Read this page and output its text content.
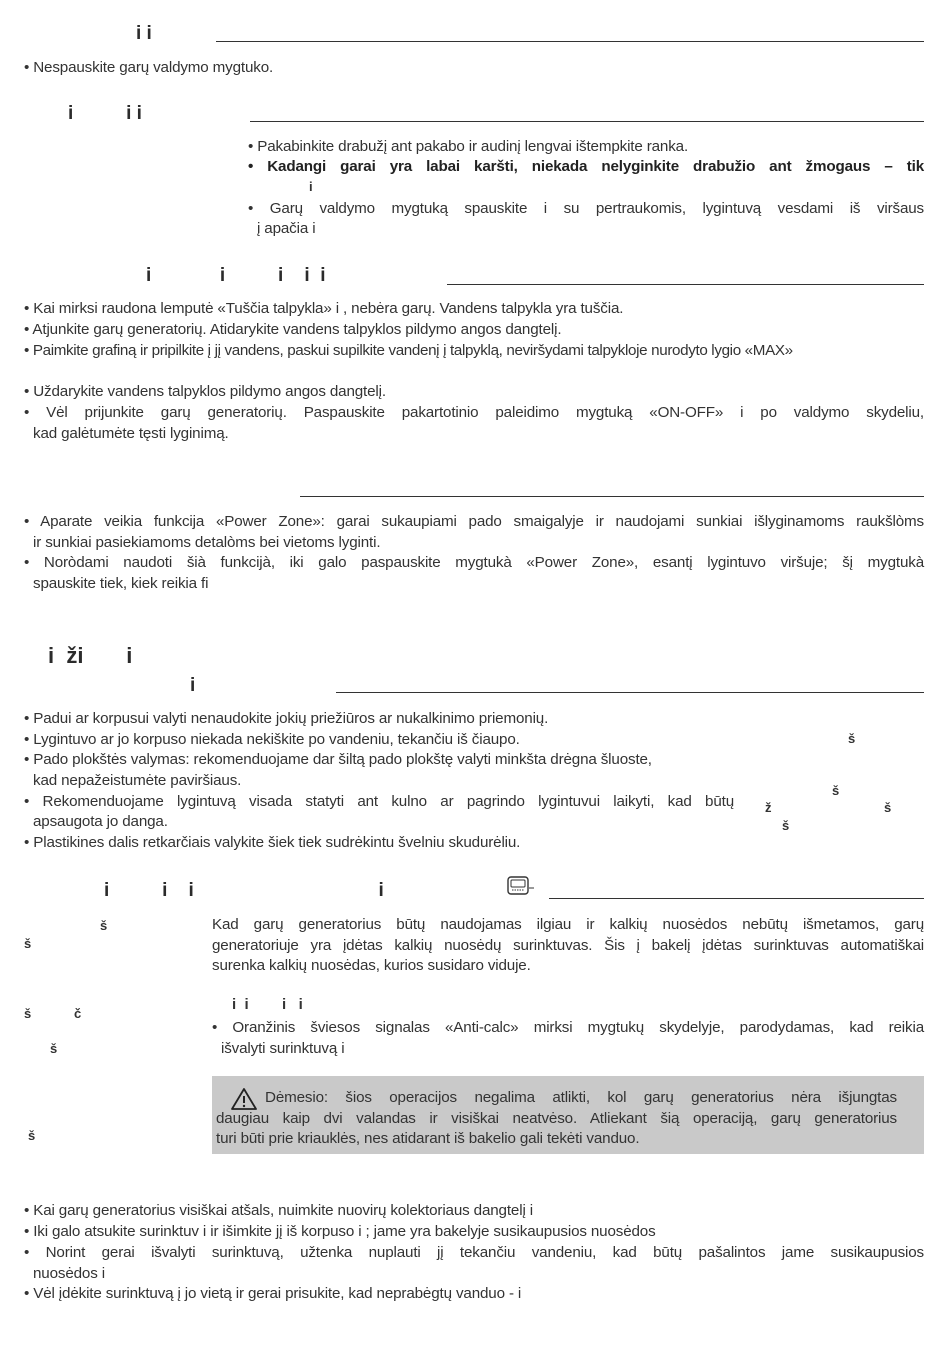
i i
• Nespauskite garų valdymo mygtuko.
i          i i
• Pakabinkite drabužį ant pakabo ir audinį lengvai ištempkite ranka.
• Kadangi garai yra labai karšti, niekada nelyginkite drabužio ant žmogaus – tik
i
• Garų valdymo mygtuką spauskite i su pertraukomis, lygintuvą vesdami iš viršaus
į apačia i
i             i          i    i  i
• Kai mirksi raudona lemputė «Tuščia talpykla» i , nebėra garų. Vandens talpykla yra tuščia.
• Atjunkite garų generatorių. Atidarykite vandens talpyklos pildymo angos dangtelį.
• Paimkite grafiną ir pripilkite į jį vandens, paskui supilkite vandenį į talpyklą, neviršydami talpykloje nurodyto lygio «MAX»
• Uždarykite vandens talpyklos pildymo angos dangtelį.
• Vėl prijunkite garų generatorių. Paspauskite pakartotinio paleidimo mygtuką «ON-OFF» i po valdymo skydeliu,
kad galėtumėte tęsti lyginimą.
• Aparate veikia funkcija «Power Zone»: garai sukaupiami pado smaigalyje ir naudojami sunkiai išlyginamoms raukšlòms
ir sunkiai pasiekiamoms detalòms bei vietoms lyginti.
• Noròdami naudoti šià funkcijà, iki galo paspauskite mygtukà «Power Zone», esantį lygintuvo viršuje; šį mygtukà
spauskite tiek, kiek reikia fi
i  ži       i
i
• Padui ar korpusui valyti nenaudokite jokių priežiūros ar nukalkinimo priemonių.
• Lygintuvo ar jo korpuso niekada nekiškite po vandeniu, tekančiu iš čiaupo.
• Pado plokštės valymas: rekomenduojame dar šiltą pado plokštę valyti minkšta drėgna šluoste,
kad nepažeistumėte paviršiaus.
• Rekomenduojame lygintuvą visada statyti ant kulno ar pagrindo lygintuvui laikyti, kad būtų
apsaugota jo danga.
• Plastikines dalis retkarčiais valykite šiek tiek sudrėkintu švelniu skudurėliu.
š
š
ž	š
š
i          i    i                                   i
š
š
š	č
š
š
Kad garų generatorius būtų naudojamas ilgiau ir kalkių nuosėdos nebūtų išmetamos, garų
generatoriuje yra įdėtas kalkių nuosėdų surinktuvas. Šis į bakelį įdėtas surinktuvas automatiškai
surenka kalkių nuosėdas, kurios susidaro viduje.
i  i        i   i
• Oranžinis šviesos signalas «Anti-calc» mirksi mygtukų skydelyje, parodydamas, kad reikia
išvalyti surinktuvą i
Dėmesio: šios operacijos negalima atlikti, kol garų generatorius nėra išjungtas
daugiau kaip dvi valandas ir visiškai neatvėso. Atliekant šią operaciją, garų generatorius
turi būti prie kriauklės, nes atidarant iš bakelio gali tekėti vanduo.
• Kai garų generatorius visiškai atšals, nuimkite nuovirų kolektoriaus dangtelį i
• Iki galo atsukite surinktuv i ir išimkite jį iš korpuso i ; jame yra bakelyje susikaupusios nuosėdos
• Norint gerai išvalyti surinktuvą, užtenka nuplauti jį tekančiu vandeniu, kad būtų pašalintos jame susikaupusios
nuosėdos i
• Vėl įdėkite surinktuvą į jo vietą ir gerai prisukite, kad neprabėgtų vanduo - i
